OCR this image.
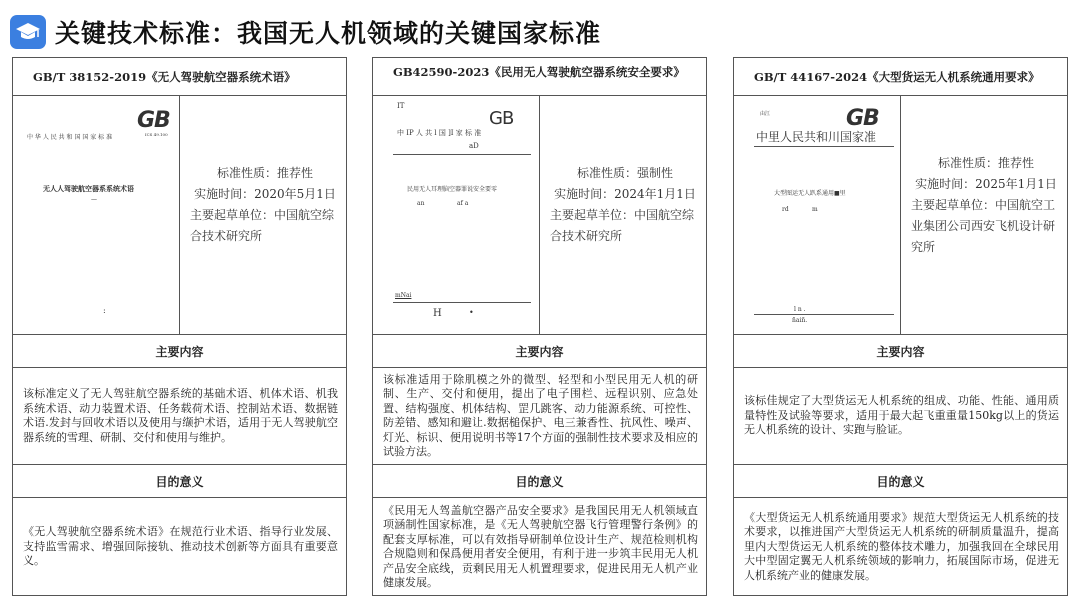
关键技术标准：我国无人机领域的关键国家标准
GB/T 38152-2019《无人驾驶航空器系统术语》
GB
中 华 人 民 共 和 国 国 家 标 准	ICS 49.100
无人人驾驶航空器系系统术语
—
:
标准性质：推荐性
实施时间：2020年5月1日
主要起草单位：中国航空综合技术研究所
主要内容
该标准定义了无人驾驻航空器系统的基础术语、机体术语、机我系统术语、动力装置术语、任务载荷术语、控制站术语、数据链术语.发封与回收术语以及使用与缬护术语，适用于无人驾驶航空器系统的雪理、研制、交付和使用与维护。
目的意义
《无人驾驶航空器系统术语》在规范行业术语、指导行业发展、支持监雪需求、增强回际接轨、推动技术创新等方面具有重要意义。
GB42590-2023《民用无人驾驶航空器系统安全要求》
IT
GB
中 IP 人 共 l 国 ]I 家 标 准
aD
民用无人耳理脑空器罪说安全要零
an	af a
mNai
H	•
标准性质：强制性
实施时间：2024年1月1日
主要起草羊位：中国航空综合技术研究所
主要内容
该标准适用于除肌模之外的微型、轻型和小型民用无人机的研制、生产、交付和便用，提出了电子围栏、远程识别、应急处置、结构强度、机体结构、罡几跳客、动力能源系统、可控性、防差错、感知和避让.数据槌保护、电三兼香性、抗风性、噪声、灯光、标识、便用说明书等17个方面的强制性技术要求及相应的试验方法。
目的意义
《民用无人驾盖航空器产品安全要求》是我国民用无人机领域直项涵制性国家标准，是《无人驾驶航空器飞行管理警行条例》的配套支厚标准，可以有效指导研制单位设计生产、规范检则机构合规隐则和保爲便用者安全便用，有利于进一步筑丰民用无人机产品安全底线，贡剩民用无人机置理要求，促进民用无人机产业健康发展。
GB/T 44167-2024《大型货运无人机系统通用要求》
由江	GB
中里人民共和川国家准
大型图运无人趴系通用■里
rd	m
l n .
ñaiñ.
标准性质：推荐性
实施时间：2025年1月1日
主要起草单位：中国航空工业集团公司西安飞机设计研究所
主要内容
该标佳规定了大型货运无人机系统的组成、功能、性能、通用质量特性及试验等要求，适用于最大起飞重重量150kg以上的货运无人机系统的设计、实跑与脸证。
目的意义
《大型货运无人机系统通用要求》规范大型货运无人机系统的技术要求，以推进国产大型货运无人机系统的研制质量温升，提高里内大型货运无人机系统的整体技术雕力，加强我回在全球民用大中型固定翼无人机系统领域的影响力，拓展国际市场，促进无人机系统产业的健康发展。
